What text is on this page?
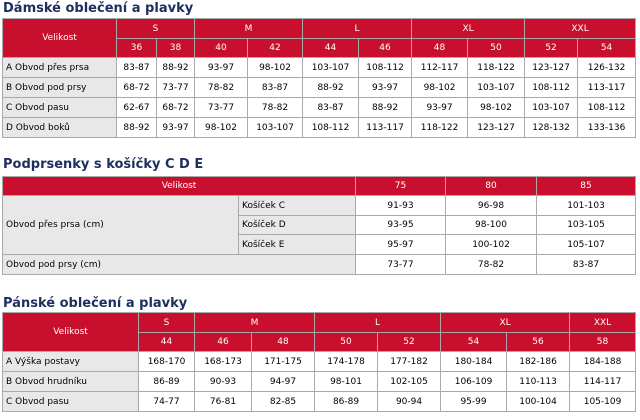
Dámské oblečení a plavky
Velikost	S		M		L		XL		XXL	
	36	38	40	42	44	46	48	50	52	54
A Obvod přes prsa	83-87	88-92	93-97	98-102	103-107	108-112	112-117	118-122	123-127	126-132
B Obvod pod prsy	68-72	73-77	78-82	83-87	88-92	93-97	98-102	103-107	108-112	113-117
C Obvod pasu	62-67	68-72	73-77	78-82	83-87	88-92	93-97	98-102	103-107	108-112
D Obvod boků	88-92	93-97	98-102	103-107	108-112	113-117	118-122	123-127	128-132	133-136
Podprsenky s košíčky C D E
Velikost		75	80	85
Obvod přes prsa (cm)	Košíček C	91-93	96-98	101-103
	Košíček D	93-95	98-100	103-105
	Košíček E	95-97	100-102	105-107
Obvod pod prsy (cm)		73-77	78-82	83-87
Pánské oblečení a plavky
Velikost	S	M		L		XL		XXL
	44	46	48	50	52	54	56	58
A Výška postavy	168-170	168-173	171-175	174-178	177-182	180-184	182-186	184-188
B Obvod hrudníku	86-89	90-93	94-97	98-101	102-105	106-109	110-113	114-117
C Obvod pasu	74-77	76-81	82-85	86-89	90-94	95-99	100-104	105-109
